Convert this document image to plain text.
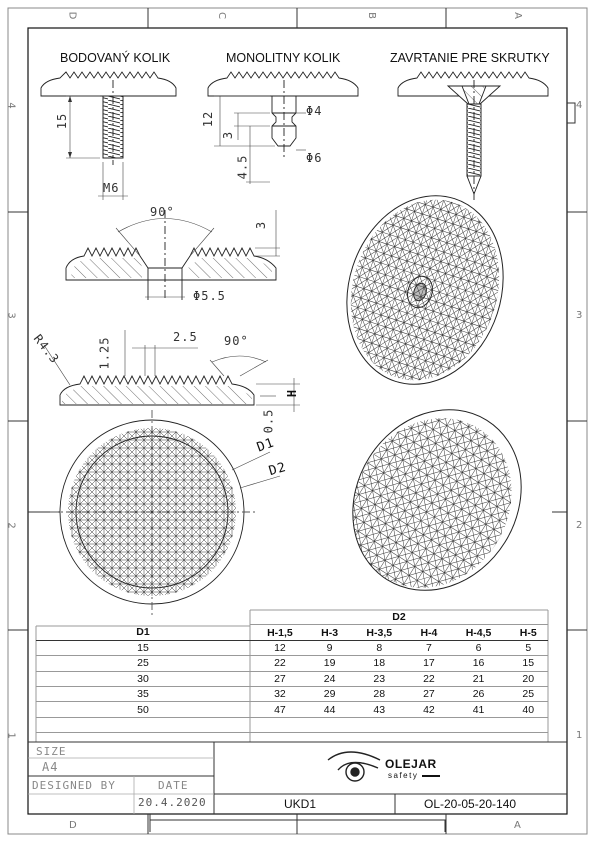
D	C	B	A
D	A
4
3
2
1
4
3
2
1
BODOVANÝ KOLIK	MONOLITNY KOLIK	ZAVRTANIE PRE SKRUTKY
15
M6
12
3
4.5
Φ4
Φ6
90°
3
Φ5.5
R4.3	1.25	2.5 90°
H
0.5
D1
D2
	D2					
D1	H-1,5	H-3	H-3,5	H-4	H-4,5	H-5
15	12	9	8	7	6	5
25	22	19	18	17	16	15
30	27	24	23	22	21	20
35	32	29	28	27	26	25
50	47	44	43	42	41	40

SIZE
A4
DESIGNED BY	DATE
20.4.2020
OLEJAR
safety
UKD1	OL-20-05-20-140
